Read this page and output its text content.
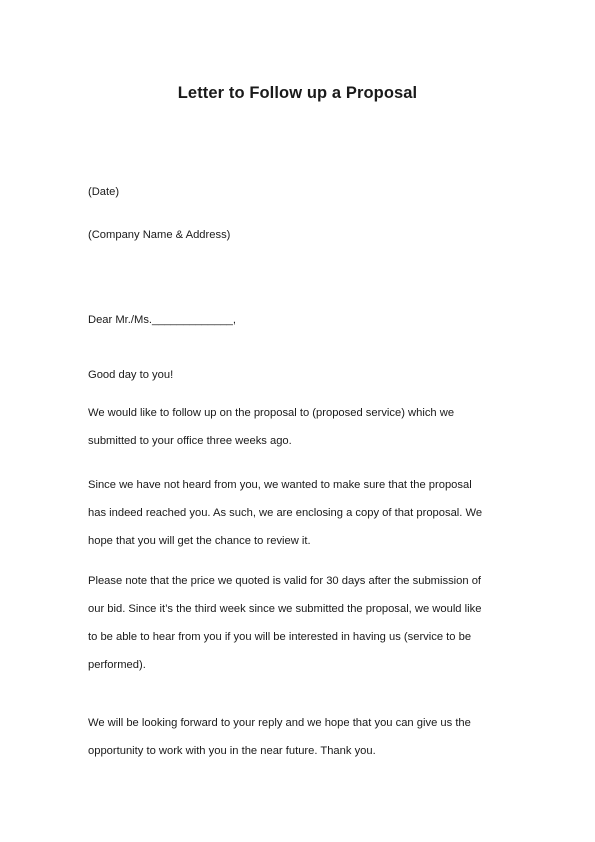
Letter to Follow up a Proposal
(Date)
(Company Name & Address)
Dear Mr./Ms._____________,
Good day to you!
We would like to follow up on the proposal to (proposed service) which we
submitted to your office three weeks ago.
Since we have not heard from you, we wanted to make sure that the proposal
has indeed reached you. As such, we are enclosing a copy of that proposal. We
hope that you will get the chance to review it.
Please note that the price we quoted is valid for 30 days after the submission of
our bid. Since it’s the third week since we submitted the proposal, we would like
to be able to hear from you if you will be interested in having us (service to be
performed).
We will be looking forward to your reply and we hope that you can give us the
opportunity to work with you in the near future. Thank you.
